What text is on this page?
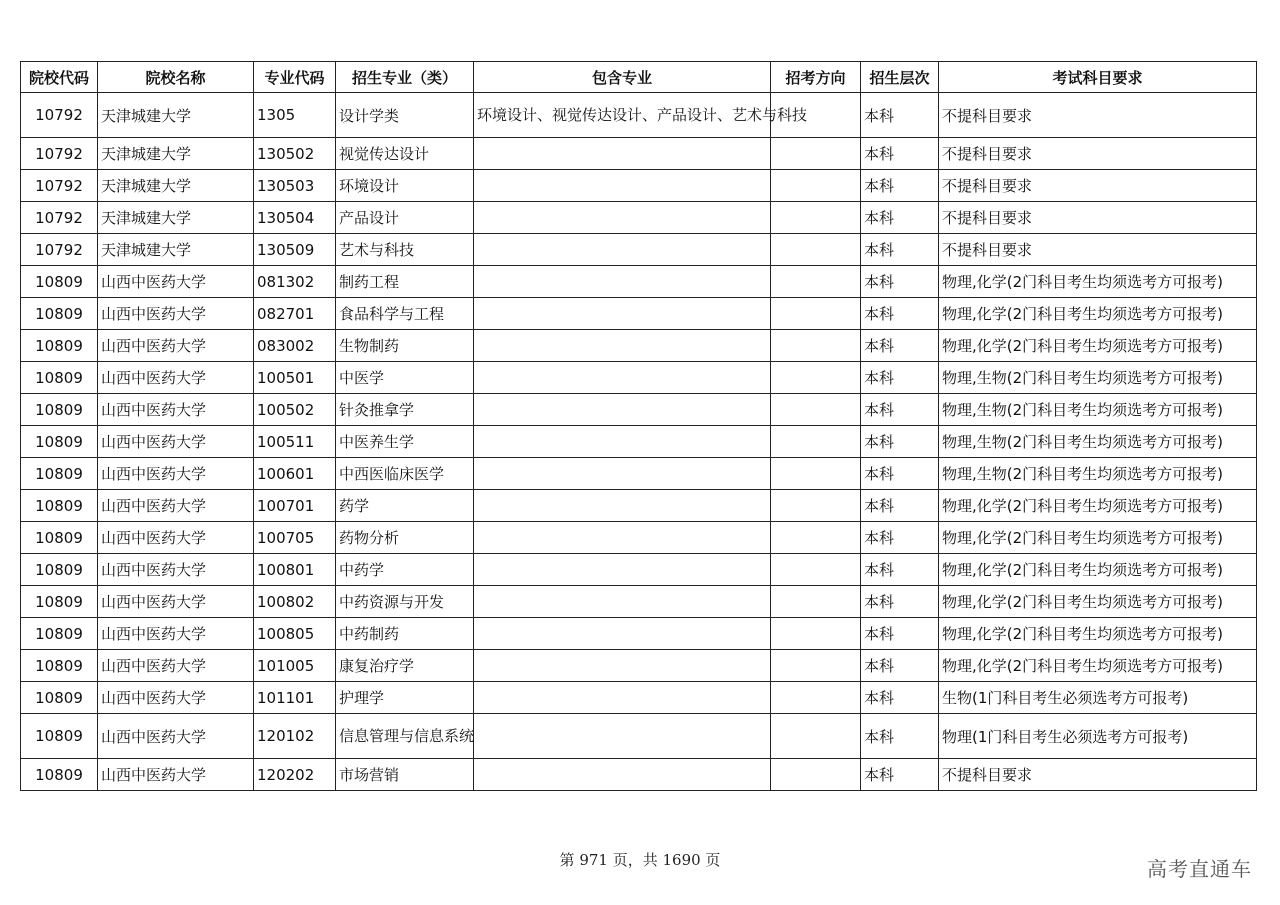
院校代码	院校名称	专业代码	招生专业（类）	包含专业	招考方向	招生层次	考试科目要求
10792	天津城建大学	1305	设计学类	环境设计、视觉传达设计、产品设计、艺术与科技		本科	不提科目要求
10792	天津城建大学	130502	视觉传达设计			本科	不提科目要求
10792	天津城建大学	130503	环境设计			本科	不提科目要求
10792	天津城建大学	130504	产品设计			本科	不提科目要求
10792	天津城建大学	130509	艺术与科技			本科	不提科目要求
10809	山西中医药大学	081302	制药工程			本科	物理,化学(2门科目考生均须选考方可报考)
10809	山西中医药大学	082701	食品科学与工程			本科	物理,化学(2门科目考生均须选考方可报考)
10809	山西中医药大学	083002	生物制药			本科	物理,化学(2门科目考生均须选考方可报考)
10809	山西中医药大学	100501	中医学			本科	物理,生物(2门科目考生均须选考方可报考)
10809	山西中医药大学	100502	针灸推拿学			本科	物理,生物(2门科目考生均须选考方可报考)
10809	山西中医药大学	100511	中医养生学			本科	物理,生物(2门科目考生均须选考方可报考)
10809	山西中医药大学	100601	中西医临床医学			本科	物理,生物(2门科目考生均须选考方可报考)
10809	山西中医药大学	100701	药学			本科	物理,化学(2门科目考生均须选考方可报考)
10809	山西中医药大学	100705	药物分析			本科	物理,化学(2门科目考生均须选考方可报考)
10809	山西中医药大学	100801	中药学			本科	物理,化学(2门科目考生均须选考方可报考)
10809	山西中医药大学	100802	中药资源与开发			本科	物理,化学(2门科目考生均须选考方可报考)
10809	山西中医药大学	100805	中药制药			本科	物理,化学(2门科目考生均须选考方可报考)
10809	山西中医药大学	101005	康复治疗学			本科	物理,化学(2门科目考生均须选考方可报考)
10809	山西中医药大学	101101	护理学			本科	生物(1门科目考生必须选考方可报考)
10809	山西中医药大学	120102	信息管理与信息系统			本科	物理(1门科目考生必须选考方可报考)
10809	山西中医药大学	120202	市场营销			本科	不提科目要求
第 971 页，共 1690 页	高考直通车
